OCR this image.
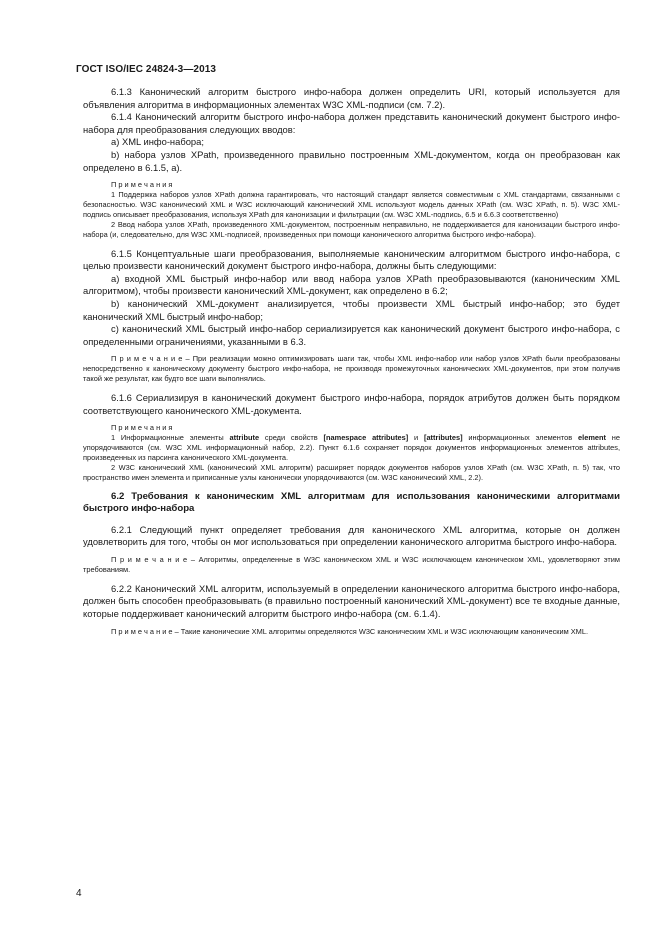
ГОСТ ISO/IEC 24824-3—2013

6.1.3 Канонический алгоритм быстрого инфо-набора должен определить URI, который используется для объявления алгоритма в информационных элементах W3C XML-подписи (см. 7.2).

6.1.4 Канонический алгоритм быстрого инфо-набора должен представить канонический документ быстрого инфо-набора для преобразования следующих вводов:

a) XML инфо-набора;

b) набора узлов XPath, произведенного правильно построенным XML-документом, когда он преобразован как определено в 6.1.5, а).

П р и м е ч а н и я

1 Поддержка наборов узлов XPath должна гарантировать, что настоящий стандарт является совместимым с XML стандартами, связанными с безопасностью. W3C канонический XML и W3C исключающий канонический XML используют модель данных XPath (см. W3C XPath, п. 5). W3C XML-подпись описывает преобразования, используя XPath для канонизации и фильтрации (см. W3C XML-подпись, 6.5 и 6.6.3 соответственно)

2 Ввод набора узлов XPath, произведенного XML-документом, построенным неправильно, не поддерживается для канонизации быстрого инфо-набора (и, следовательно, для W3C XML-подписей, произведенных при помощи канонического алгоритма быстрого инфо-набора).

6.1.5 Концептуальные шаги преобразования, выполняемые каноническим алгоритмом быстрого инфо-набора, с целью произвести канонический документ быстрого инфо-набора, должны быть следующими:

a) входной XML быстрый инфо-набор или ввод набора узлов XPath преобразовываются (каноническим XML алгоритмом), чтобы произвести канонический XML-документ, как определено в 6.2;

b) канонический XML-документ анализируется, чтобы произвести XML быстрый инфо-набор; это будет канонический XML быстрый инфо-набор;

c) канонический XML быстрый инфо-набор сериализируется как канонический документ быстрого инфо-набора, с определенными ограничениями, указанными в 6.3.

П р и м е ч а н и е – При реализации можно оптимизировать шаги так, чтобы XML инфо-набор или набор узлов XPath были преобразованы непосредственно к каноническому документу быстрого инфо-набора, не производя промежуточных канонических XML-документов, при этом получив такой же результат, как будто все шаги выполнялись.

6.1.6 Сериализируя в канонический документ быстрого инфо-набора, порядок атрибутов должен быть порядком соответствующего канонического XML-документа.

П р и м е ч а н и я

1 Информационные элементы attribute среди свойств [namespace attributes] и [attributes] информационных элементов element не упорядочиваются (см. W3C XML информационный набор, 2.2). Пункт 6.1.6 сохраняет порядок документов информационных элементов attributes, произведенных из парсинга канонического XML-документа.

2 W3C канонический XML (канонический XML алгоритм) расширяет порядок документов наборов узлов XPath (см. W3C XPath, п. 5) так, что пространство имен элемента и приписанные узлы канонически упорядочиваются (см. W3C канонический XML, 2.2).

6.2 Требования к каноническим XML алгоритмам для использования каноническими алгоритмами быстрого инфо-набора

6.2.1 Следующий пункт определяет требования для канонического XML алгоритма, которые он должен удовлетворить для того, чтобы он мог использоваться при определении канонического алгоритма быстрого инфо-набора.

П р и м е ч а н и е – Алгоритмы, определенные в W3C каноническом XML и W3C исключающем каноническом XML, удовлетворяют этим требованиям.

6.2.2 Канонический XML алгоритм, используемый в определении канонического алгоритма быстрого инфо-набора, должен быть способен преобразовывать (в правильно построенный канонический XML-документ) все те входные данные, которые поддерживает канонический алгоритм быстрого инфо-набора (см. 6.1.4).

П р и м е ч а н и е – Такие канонические XML алгоритмы определяются W3C каноническим XML и W3C исключающим каноническим XML.

4
